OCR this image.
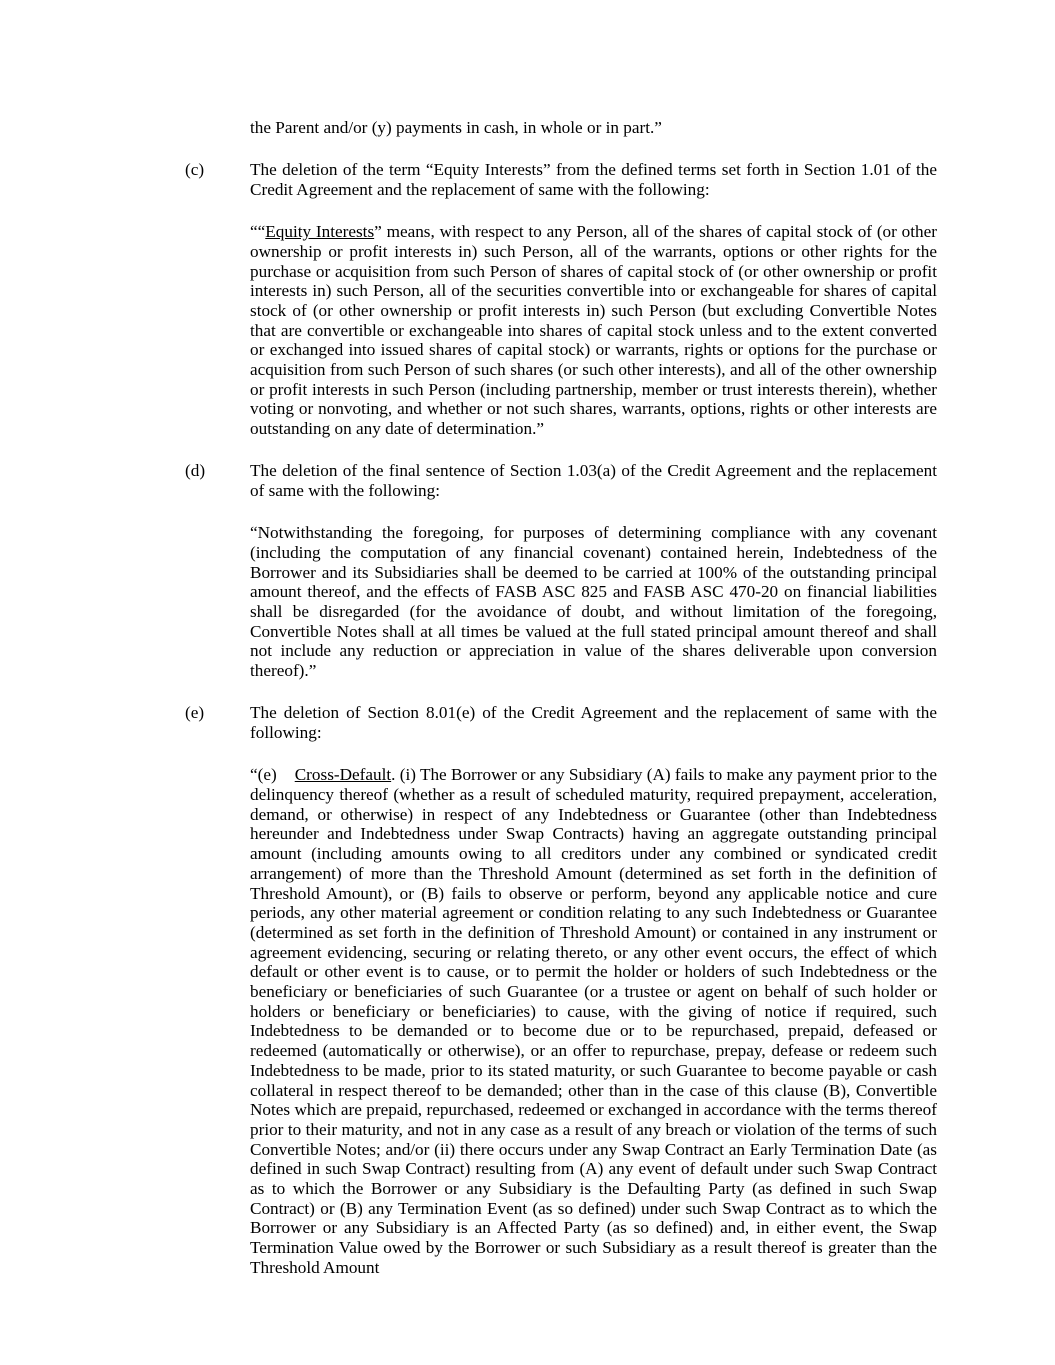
the Parent and/or (y) payments in cash, in whole or in part.”

(c)	The deletion of the term “Equity Interests” from the defined terms set forth in Section 1.01 of the Credit Agreement and the replacement of same with the following:

““Equity Interests” means, with respect to any Person, all of the shares of capital stock of (or other ownership or profit interests in) such Person, all of the warrants, options or other rights for the purchase or acquisition from such Person of shares of capital stock of (or other ownership or profit interests in) such Person, all of the securities convertible into or exchangeable for shares of capital stock of (or other ownership or profit interests in) such Person (but excluding Convertible Notes that are convertible or exchangeable into shares of capital stock unless and to the extent converted or exchanged into issued shares of capital stock) or warrants, rights or options for the purchase or acquisition from such Person of such shares (or such other interests), and all of the other ownership or profit interests in such Person (including partnership, member or trust interests therein), whether voting or nonvoting, and whether or not such shares, warrants, options, rights or other interests are outstanding on any date of determination.”

(d)	The deletion of the final sentence of Section 1.03(a) of the Credit Agreement and the replacement of same with the following:

“Notwithstanding the foregoing, for purposes of determining compliance with any covenant (including the computation of any financial covenant) contained herein, Indebtedness of the Borrower and its Subsidiaries shall be deemed to be carried at 100% of the outstanding principal amount thereof, and the effects of FASB ASC 825 and FASB ASC 470-20 on financial liabilities shall be disregarded (for the avoidance of doubt, and without limitation of the foregoing, Convertible Notes shall at all times be valued at the full stated principal amount thereof and shall not include any reduction or appreciation in value of the shares deliverable upon conversion thereof).”

(e)	The deletion of Section 8.01(e) of the Credit Agreement and the replacement of same with the following:

“(e) Cross-Default. (i) The Borrower or any Subsidiary (A) fails to make any payment prior to the delinquency thereof (whether as a result of scheduled maturity, required prepayment, acceleration, demand, or otherwise) in respect of any Indebtedness or Guarantee (other than Indebtedness hereunder and Indebtedness under Swap Contracts) having an aggregate outstanding principal amount (including amounts owing to all creditors under any combined or syndicated credit arrangement) of more than the Threshold Amount (determined as set forth in the definition of Threshold Amount), or (B) fails to observe or perform, beyond any applicable notice and cure periods, any other material agreement or condition relating to any such Indebtedness or Guarantee (determined as set forth in the definition of Threshold Amount) or contained in any instrument or agreement evidencing, securing or relating thereto, or any other event occurs, the effect of which default or other event is to cause, or to permit the holder or holders of such Indebtedness or the beneficiary or beneficiaries of such Guarantee (or a trustee or agent on behalf of such holder or holders or beneficiary or beneficiaries) to cause, with the giving of notice if required, such Indebtedness to be demanded or to become due or to be repurchased, prepaid, defeased or redeemed (automatically or otherwise), or an offer to repurchase, prepay, defease or redeem such Indebtedness to be made, prior to its stated maturity, or such Guarantee to become payable or cash collateral in respect thereof to be demanded; other than in the case of this clause (B), Convertible Notes which are prepaid, repurchased, redeemed or exchanged in accordance with the terms thereof prior to their maturity, and not in any case as a result of any breach or violation of the terms of such Convertible Notes; and/or (ii) there occurs under any Swap Contract an Early Termination Date (as defined in such Swap Contract) resulting from (A) any event of default under such Swap Contract as to which the Borrower or any Subsidiary is the Defaulting Party (as defined in such Swap Contract) or (B) any Termination Event (as so defined) under such Swap Contract as to which the Borrower or any Subsidiary is an Affected Party (as so defined) and, in either event, the Swap Termination Value owed by the Borrower or such Subsidiary as a result thereof is greater than the Threshold Amount
